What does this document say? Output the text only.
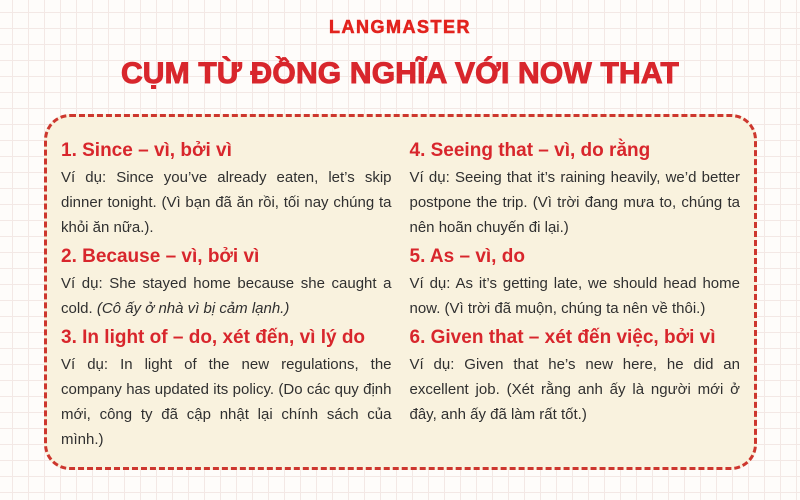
LANGMASTER
CỤM TỪ ĐỒNG NGHĨA VỚI NOW THAT
1. Since – vì, bởi vì
Ví dụ: Since you’ve already eaten, let’s skip dinner tonight. (Vì bạn đã ăn rồi, tối nay chúng ta khỏi ăn nữa.).
4. Seeing that – vì, do rằng
Ví dụ: Seeing that it’s raining heavily, we’d better postpone the trip. (Vì trời đang mưa to, chúng ta nên hoãn chuyến đi lại.)
2. Because – vì, bởi vì
Ví dụ: She stayed home because she caught a cold. (Cô ấy ở nhà vì bị cảm lạnh.)
5. As – vì, do
Ví dụ: As it’s getting late, we should head home now. (Vì trời đã muộn, chúng ta nên về thôi.)
3. In light of – do, xét đến, vì lý do
Ví dụ: In light of the new regulations, the company has updated its policy. (Do các quy định mới, công ty đã cập nhật lại chính sách của mình.)
6. Given that – xét đến việc, bởi vì
Ví dụ: Given that he’s new here, he did an excellent job. (Xét rằng anh ấy là người mới ở đây, anh ấy đã làm rất tốt.)
